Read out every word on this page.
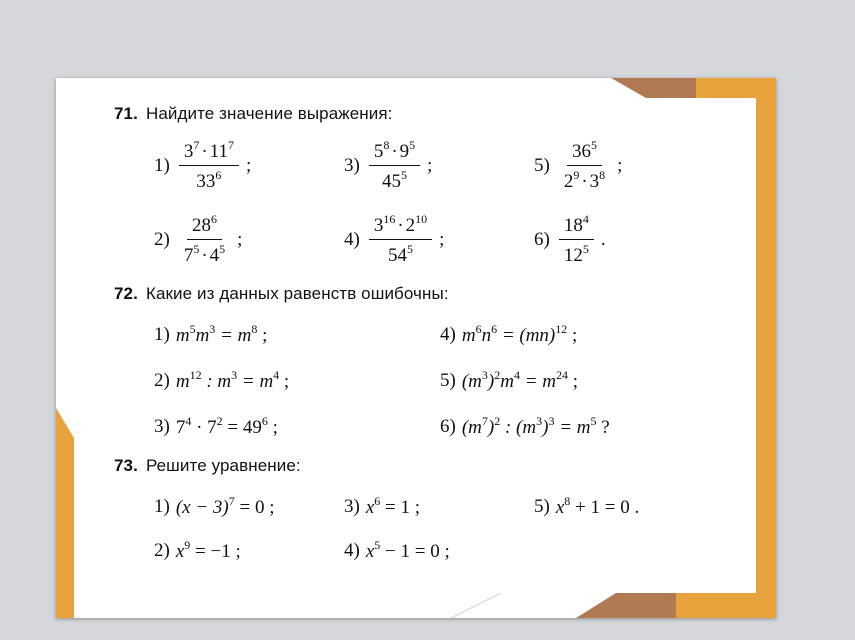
71. Найдите значение выражения:
$1) \frac{3^7 \cdot 11^7}{33^6}$ ;	$3) \frac{5^8 \cdot 9^5}{45^5}$ ;	$5) \frac{36^5}{2^9 \cdot 3^8}$ ;
$2) \frac{28^6}{7^5 \cdot 4^5}$ ;	$4) \frac{3^{16} \cdot 2^{10}}{54^5}$ ;	$6) \frac{18^4}{12^5}$ .
72. Какие из данных равенств ошибочны:
1) $m^5m^3 = m^8$ ;	4) $m^6n^6 = (mn)^{12}$ ;
2) $m^{12}$ : $m^3 = m^4$ ;	5) $(m^3)^2m^4 = m^{24}$ ;
3) $7^4 \cdot 7^2 = 49^6$ ;	6) $(m^7)^2$ : $(m^3)^3 = m^5$ ?
73. Решите уравнение:
1) $(x - 3)^7 = 0$ ;	3) $x^6 = 1$ ;	5) $x^8 + 1 = 0$ .
2) $x^9 = -1$ ;	4) $x^5 - 1 = 0$ ;
